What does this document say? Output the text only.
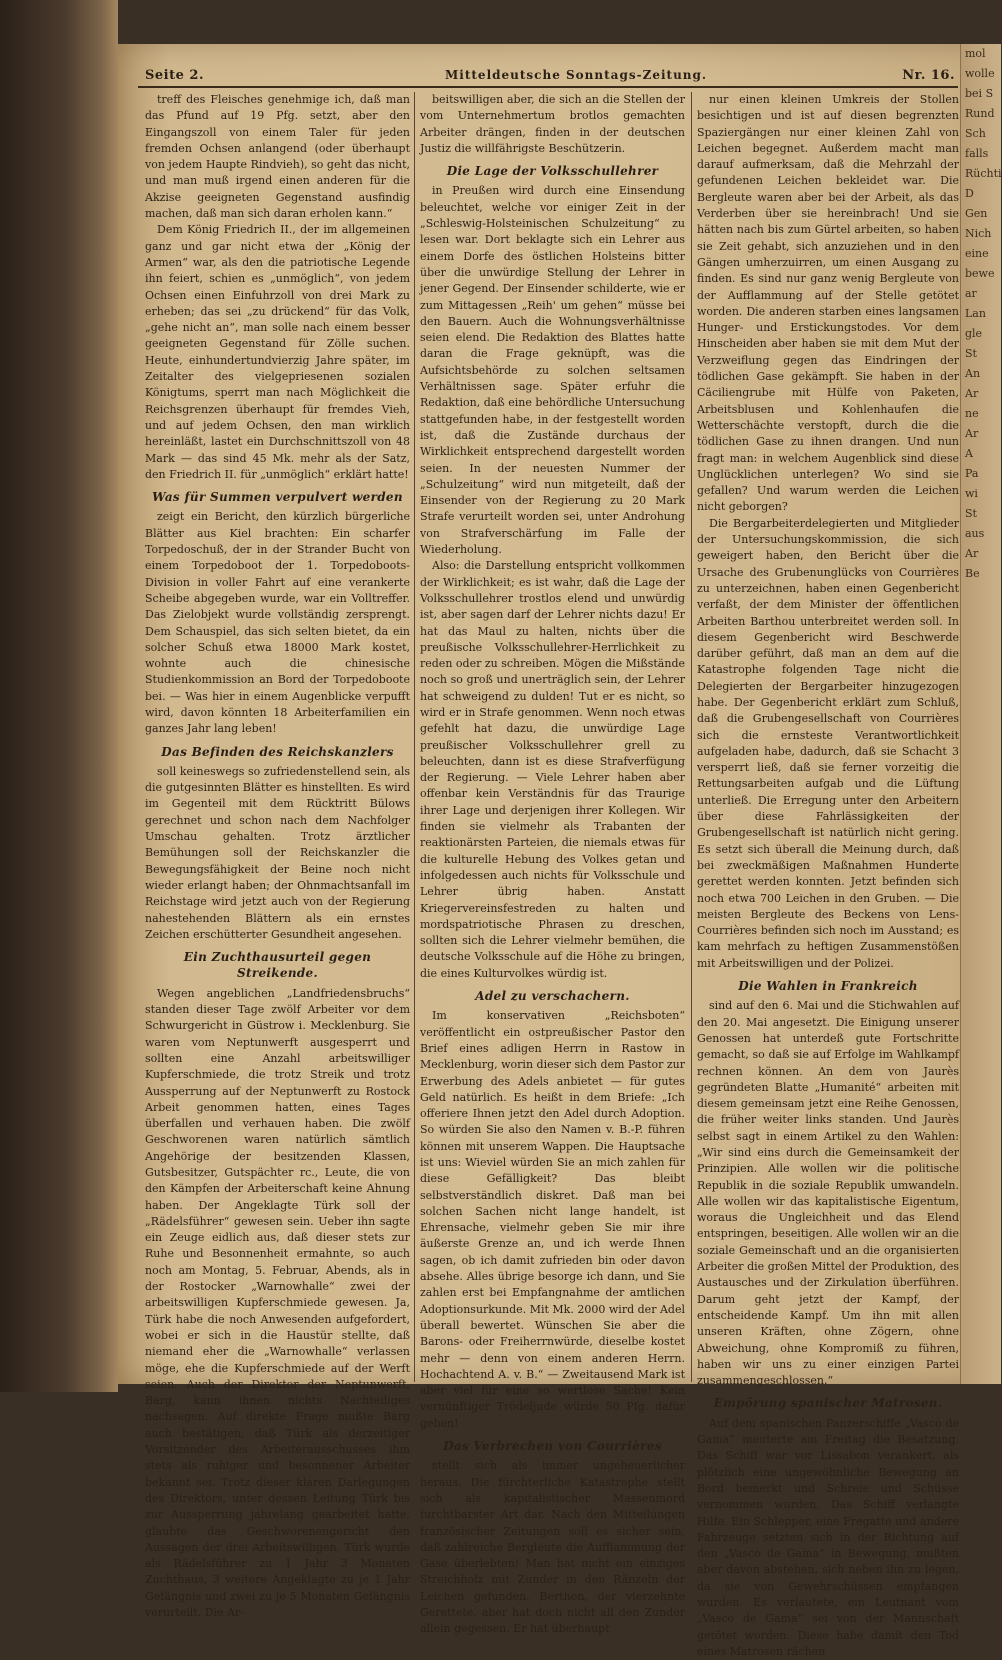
mol
wolle
bei S
Rund
Sch
falls
Rüchti
D
Gen
Nich
eine
bewe
ar
Lan
gle
St
An
Ar
ne
Ar
A
Pa
wi
St
aus
Ar
Be
Seite 2.	Mitteldeutsche Sonntags-Zeitung.	Nr. 16.

treff des Fleisches genehmige ich, daß man das Pfund auf 19 Pfg. setzt, aber den Eingangszoll von einem Taler für jeden fremden Ochsen anlangend (oder überhaupt von jedem Haupte Rindvieh), so geht das nicht, und man muß irgend einen anderen für die Akzise geeigneten Gegenstand ausfindig machen, daß man sich daran erholen kann.“

Dem König Friedrich II., der im allgemeinen ganz und gar nicht etwa der „König der Armen“ war, als den die patriotische Legende ihn feiert, schien es „unmöglich“, von jedem Ochsen einen Einfuhrzoll von drei Mark zu erheben; das sei „zu drückend“ für das Volk, „gehe nicht an“, man solle nach einem besser geeigneten Gegenstand für Zölle suchen. Heute, einhundertundvierzig Jahre später, im Zeitalter des vielgepriesenen sozialen Königtums, sperrt man nach Möglichkeit die Reichsgrenzen überhaupt für fremdes Vieh, und auf jedem Ochsen, den man wirklich hereinläßt, lastet ein Durchschnittszoll von 48 Mark — das sind 45 Mk. mehr als der Satz, den Friedrich II. für „unmöglich“ erklärt hatte!

Was für Summen verpulvert werden

zeigt ein Bericht, den kürzlich bürgerliche Blätter aus Kiel brachten: Ein scharfer Torpedoschuß, der in der Strander Bucht von einem Torpedoboot der 1. Torpedoboots-Division in voller Fahrt auf eine verankerte Scheibe abgegeben wurde, war ein Volltreffer. Das Zielobjekt wurde vollständig zersprengt. Dem Schauspiel, das sich selten bietet, da ein solcher Schuß etwa 18000 Mark kostet, wohnte auch die chinesische Studienkommission an Bord der Torpedoboote bei. — Was hier in einem Augenblicke verpufft wird, davon könnten 18 Arbeiterfamilien ein ganzes Jahr lang leben!

Das Befinden des Reichskanzlers

soll keineswegs so zufriedenstellend sein, als die gutgesinnten Blätter es hinstellten. Es wird im Gegenteil mit dem Rücktritt Bülows gerechnet und schon nach dem Nachfolger Umschau gehalten. Trotz ärztlicher Bemühungen soll der Reichskanzler die Bewegungsfähigkeit der Beine noch nicht wieder erlangt haben; der Ohnmachtsanfall im Reichstage wird jetzt auch von der Regierung nahestehenden Blättern als ein ernstes Zeichen erschütterter Gesundheit angesehen.

Ein Zuchthausurteil gegen Streikende.

Wegen angeblichen „Landfriedensbruchs“ standen dieser Tage zwölf Arbeiter vor dem Schwurgericht in Güstrow i. Mecklenburg. Sie waren vom Neptunwerft ausgesperrt und sollten eine Anzahl arbeitswilliger Kupferschmiede, die trotz Streik und trotz Aussperrung auf der Neptunwerft zu Rostock Arbeit genommen hatten, eines Tages überfallen und verhauen haben. Die zwölf Geschworenen waren natürlich sämtlich Angehörige der besitzenden Klassen, Gutsbesitzer, Gutspächter rc., Leute, die von den Kämpfen der Arbeiterschaft keine Ahnung haben. Der Angeklagte Türk soll der „Rädelsführer“ gewesen sein. Ueber ihn sagte ein Zeuge eidlich aus, daß dieser stets zur Ruhe und Besonnenheit ermahnte, so auch noch am Montag, 5. Februar, Abends, als in der Rostocker „Warnowhalle“ zwei der arbeitswilligen Kupferschmiede gewesen. Ja, Türk habe die noch Anwesenden aufgefordert, wobei er sich in die Haustür stellte, daß niemand eher die „Warnowhalle“ verlassen möge, ehe die Kupferschmiede auf der Werft seien. Auch der Direktor der Neptunwerft, Barg, kann ihnen nichts Nachteiliges nachsagen. Auf direkte Frage mußte Barg auch bestätigen, daß Türk als derzeitiger Vorsitzender des Arbeiterausschusses ihm stets als ruhiger und besonnener Arbeiter bekannt sei. Trotz dieser klaren Darlegungen des Direktors, unter dessen Leitung Türk bis zur Aussperrung jahrelang gearbeitet hatte, glaubte das Geschworenengericht den Aussagen der drei Arbeitswilligen. Türk wurde als Rädelsführer zu 1 Jahr 3 Monaten Zuchthaus, 3 weitere Angeklagte zu je 1 Jahr Gefängnis und zwei zu je 5 Monaten Gefängnis verurteilt. Die Ar-

beitswilligen aber, die sich an die Stellen der vom Unternehmertum brotlos gemachten Arbeiter drängen, finden in der deutschen Justiz die willfährigste Beschützerin.

Die Lage der Volksschullehrer

in Preußen wird durch eine Einsendung beleuchtet, welche vor einiger Zeit in der „Schleswig-Holsteinischen Schulzeitung“ zu lesen war. Dort beklagte sich ein Lehrer aus einem Dorfe des östlichen Holsteins bitter über die unwürdige Stellung der Lehrer in jener Gegend. Der Einsender schilderte, wie er zum Mittagessen „Reih' um gehen“ müsse bei den Bauern. Auch die Wohnungsverhältnisse seien elend. Die Redaktion des Blattes hatte daran die Frage geknüpft, was die Aufsichtsbehörde zu solchen seltsamen Verhältnissen sage. Später erfuhr die Redaktion, daß eine behördliche Untersuchung stattgefunden habe, in der festgestellt worden ist, daß die Zustände durchaus der Wirklichkeit entsprechend dargestellt worden seien. In der neuesten Nummer der „Schulzeitung“ wird nun mitgeteilt, daß der Einsender von der Regierung zu 20 Mark Strafe verurteilt worden sei, unter Androhung von Strafverschärfung im Falle der Wiederholung.

Also: die Darstellung entspricht vollkommen der Wirklichkeit; es ist wahr, daß die Lage der Volksschullehrer trostlos elend und unwürdig ist, aber sagen darf der Lehrer nichts dazu! Er hat das Maul zu halten, nichts über die preußische Volksschullehrer-Herrlichkeit zu reden oder zu schreiben. Mögen die Mißstände noch so groß und unerträglich sein, der Lehrer hat schweigend zu dulden! Tut er es nicht, so wird er in Strafe genommen. Wenn noch etwas gefehlt hat dazu, die unwürdige Lage preußischer Volksschullehrer grell zu beleuchten, dann ist es diese Strafverfügung der Regierung. — Viele Lehrer haben aber offenbar kein Verständnis für das Traurige ihrer Lage und derjenigen ihrer Kollegen. Wir finden sie vielmehr als Trabanten der reaktionärsten Parteien, die niemals etwas für die kulturelle Hebung des Volkes getan und infolgedessen auch nichts für Volksschule und Lehrer übrig haben. Anstatt Kriegervereinsfestreden zu halten und mordspatriotische Phrasen zu dreschen, sollten sich die Lehrer vielmehr bemühen, die deutsche Volksschule auf die Höhe zu bringen, die eines Kulturvolkes würdig ist.

Adel zu verschachern.

Im konservativen „Reichsboten“ veröffentlicht ein ostpreußischer Pastor den Brief eines adligen Herrn in Rastow in Mecklenburg, worin dieser sich dem Pastor zur Erwerbung des Adels anbietet — für gutes Geld natürlich. Es heißt in dem Briefe: „Ich offeriere Ihnen jetzt den Adel durch Adoption. So würden Sie also den Namen v. B.-P. führen können mit unserem Wappen. Die Hauptsache ist uns: Wieviel würden Sie an mich zahlen für diese Gefälligkeit? Das bleibt selbstverständlich diskret. Daß man bei solchen Sachen nicht lange handelt, ist Ehrensache, vielmehr geben Sie mir ihre äußerste Grenze an, und ich werde Ihnen sagen, ob ich damit zufrieden bin oder davon absehe. Alles übrige besorge ich dann, und Sie zahlen erst bei Empfangnahme der amtlichen Adoptionsurkunde. Mit Mk. 2000 wird der Adel überall bewertet. Wünschen Sie aber die Barons- oder Freiherrnwürde, dieselbe kostet mehr — denn von einem anderen Herrn. Hochachtend A. v. B.“ — Zweitausend Mark ist aber viel für eine so wertlose Sache! Kein vernünftiger Trödeljude würde 50 Pfg. dafür geben!

Das Verbrechen von Courrières

stellt sich als immer ungeheuerlicher heraus. Die fürchterliche Katastrophe stellt sich als kapitalistischer Massenmord furchtbarster Art dar. Nach den Mitteilungen französischer Zeitungen soll es sicher sein, daß zahlreiche Bergleute die Aufflammung der Gase überlebten! Man hat nicht ein einziges Streichholz mit Zunder in den Ränzeln der Leichen gefunden. Berthon, der vierzehnte Gerettete, aber hat doch nicht all den Zunder allein gegessen. Er hat überhaupt

nur einen kleinen Umkreis der Stollen besichtigen und ist auf diesen begrenzten Spaziergängen nur einer kleinen Zahl von Leichen begegnet. Außerdem macht man darauf aufmerksam, daß die Mehrzahl der gefundenen Leichen bekleidet war. Die Bergleute waren aber bei der Arbeit, als das Verderben über sie hereinbrach! Und sie hätten nach bis zum Gürtel arbeiten, so haben sie Zeit gehabt, sich anzuziehen und in den Gängen umherzuirren, um einen Ausgang zu finden. Es sind nur ganz wenig Bergleute von der Aufflammung auf der Stelle getötet worden. Die anderen starben eines langsamen Hunger- und Erstickungstodes. Vor dem Hinscheiden aber haben sie mit dem Mut der Verzweiflung gegen das Eindringen der tödlichen Gase gekämpft. Sie haben in der Cäciliengrube mit Hülfe von Paketen, Arbeitsblusen und Kohlenhaufen die Wetterschächte verstopft, durch die die tödlichen Gase zu ihnen drangen. Und nun fragt man: in welchem Augenblick sind diese Unglücklichen unterlegen? Wo sind sie gefallen? Und warum werden die Leichen nicht geborgen?

Die Bergarbeiterdelegierten und Mitglieder der Untersuchungskommission, die sich geweigert haben, den Bericht über die Ursache des Grubenunglücks von Courrières zu unterzeichnen, haben einen Gegenbericht verfaßt, der dem Minister der öffentlichen Arbeiten Barthou unterbreitet werden soll. In diesem Gegenbericht wird Beschwerde darüber geführt, daß man an dem auf die Katastrophe folgenden Tage nicht die Delegierten der Bergarbeiter hinzugezogen habe. Der Gegenbericht erklärt zum Schluß, daß die Grubengesellschaft von Courrières sich die ernsteste Verantwortlichkeit aufgeladen habe, dadurch, daß sie Schacht 3 versperrt ließ, daß sie ferner vorzeitig die Rettungsarbeiten aufgab und die Lüftung unterließ. Die Erregung unter den Arbeitern über diese Fahrlässigkeiten der Grubengesellschaft ist natürlich nicht gering. Es setzt sich überall die Meinung durch, daß bei zweckmäßigen Maßnahmen Hunderte gerettet werden konnten. Jetzt befinden sich noch etwa 700 Leichen in den Gruben. — Die meisten Bergleute des Beckens von Lens-Courrières befinden sich noch im Ausstand; es kam mehrfach zu heftigen Zusammenstößen mit Arbeitswilligen und der Polizei.

Die Wahlen in Frankreich

sind auf den 6. Mai und die Stichwahlen auf den 20. Mai angesetzt. Die Einigung unserer Genossen hat unterdeß gute Fortschritte gemacht, so daß sie auf Erfolge im Wahlkampf rechnen können. An dem von Jaurès gegründeten Blatte „Humanité“ arbeiten mit diesem gemeinsam jetzt eine Reihe Genossen, die früher weiter links standen. Und Jaurès selbst sagt in einem Artikel zu den Wahlen: „Wir sind eins durch die Gemeinsamkeit der Prinzipien. Alle wollen wir die politische Republik in die soziale Republik umwandeln. Alle wollen wir das kapitalistische Eigentum, woraus die Ungleichheit und das Elend entspringen, beseitigen. Alle wollen wir an die soziale Gemeinschaft und an die organisierten Arbeiter die großen Mittel der Produktion, des Austausches und der Zirkulation überführen. Darum geht jetzt der Kampf, der entscheidende Kampf. Um ihn mit allen unseren Kräften, ohne Zögern, ohne Abweichung, ohne Kompromiß zu führen, haben wir uns zu einer einzigen Partei zusammengeschlossen.“

Empörung spanischer Matrosen.

Auf dem spanischen Panzerschiffe „Vasco de Gama“ meuterte am Freitag die Besatzung. Das Schiff war vor Lissabon verankert, als plötzlich eine ungewöhnliche Bewegung an Bord bemerkt und Schreie und Schüsse vernommen wurden. Das Schiff verlangte Hilfe. Ein Schlepper, eine Fregatte und andere Fahrzeuge setzten sich in der Richtung auf den „Vasco de Gama“ in Bewegung, mußten aber davon abstehen, sich neben ihn zu legen, da sie von Gewehrschüssen empfangen wurden. Es verlautete, ein Leutnant vom „Vasco de Gama“ sei von der Mannschaft getötet worden. Diese habe damit den Tod eines Matrosen rächen
